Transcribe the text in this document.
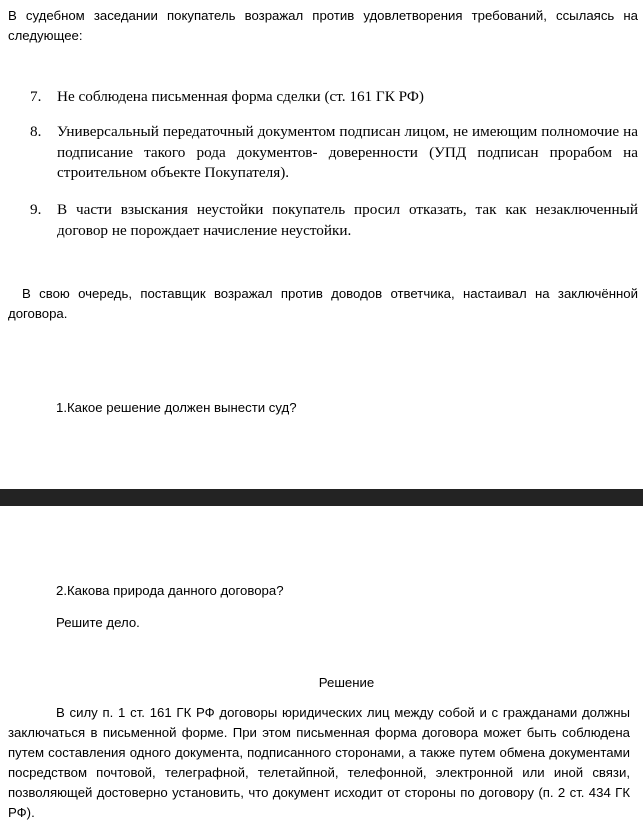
В судебном заседании покупатель возражал против удовлетворения требований, ссылаясь на следующее:
7.	Не соблюдена письменная форма сделки (ст. 161 ГК РФ)
8.	Универсальный передаточный документом подписан лицом, не имеющим полномочие на подписание такого рода документов- доверенности (УПД подписан прорабом на строительном объекте Покупателя).
9.	В части взыскания неустойки покупатель просил отказать, так как незаключенный договор не порождает начисление неустойки.
В свою очередь, поставщик возражал против доводов ответчика, настаивал на заключённой договора.
1.Какое решение должен вынести суд?
2.Какова природа данного договора?
Решите дело.
Решение
В силу п. 1 ст. 161 ГК РФ договоры юридических лиц между собой и с гражданами должны заключаться в письменной форме. При этом письменная форма договора может быть соблюдена путем составления одного документа, подписанного сторонами, а также путем обмена документами посредством почтовой, телеграфной, телетайпной, телефонной, электронной или иной связи, позволяющей достоверно установить, что документ исходит от стороны по договору (п. 2 ст. 434 ГК РФ).
